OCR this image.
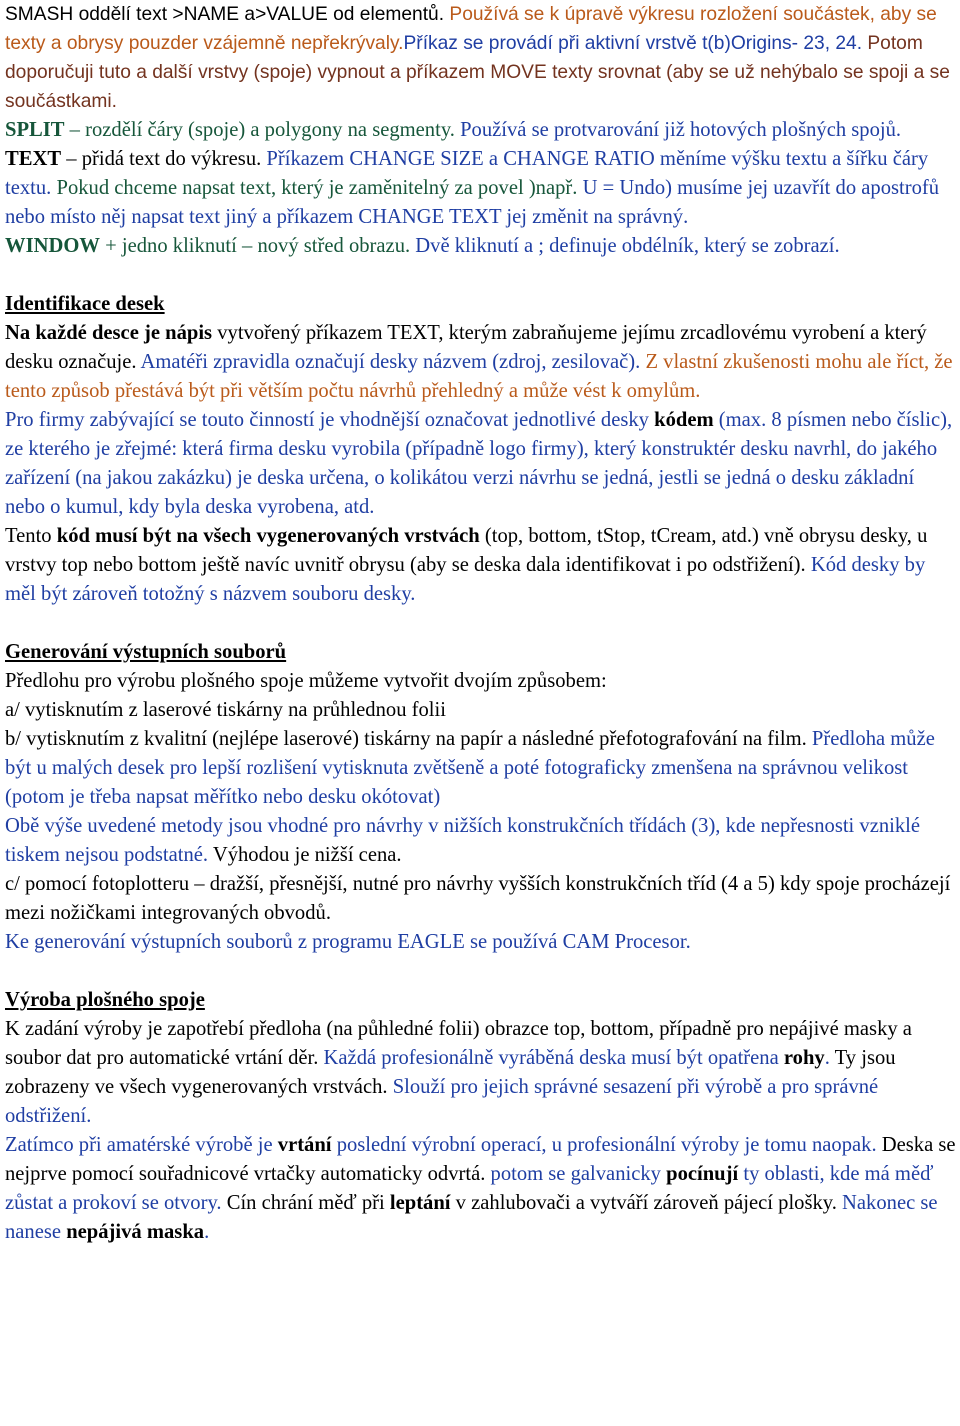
SMASH oddělí text >NAME a>VALUE od elementů. Používá se k úpravě výkresu rozložení součástek, aby se texty a obrysy pouzder vzájemně nepřekrývaly.Příkaz se provádí při aktivní vrstvě t(b)Origins- 23, 24. Potom doporučuji tuto a další vrstvy (spoje) vypnout a příkazem MOVE texty srovnat (aby se už nehýbalo se spoji a se součástkami.

SPLIT – rozdělí čáry (spoje) a polygony na segmenty. Používá se protvarování již hotových plošných spojů.

TEXT – přidá text do výkresu. Příkazem CHANGE SIZE a CHANGE RATIO měníme výšku textu a šířku čáry textu. Pokud chceme napsat text, který je zaměnitelný za povel )např. U = Undo) musíme jej uzavřít do apostrofů nebo místo něj napsat text jiný a příkazem CHANGE TEXT jej změnit na správný.

WINDOW + jedno kliknutí – nový střed obrazu. Dvě kliknutí a ; definuje obdélník, který se zobrazí.

Identifikace desek

Na každé desce je nápis vytvořený příkazem TEXT, kterým zabraňujeme jejímu zrcadlovému vyrobení a který desku označuje. Amatéři zpravidla označují desky názvem (zdroj, zesilovač). Z vlastní zkušenosti mohu ale říct, že tento způsob přestává být při větším počtu návrhů přehledný a může vést k omylům.

Pro firmy zabývající se touto činností je vhodnější označovat jednotlivé desky kódem (max. 8 písmen nebo číslic), ze kterého je zřejmé: která firma desku vyrobila (případně logo firmy), který konstruktér desku navrhl, do jakého zařízení (na jakou zakázku) je deska určena, o kolikátou verzi návrhu se jedná, jestli se jedná o desku základní nebo o kumul, kdy byla deska vyrobena, atd.

Tento kód musí být na všech vygenerovaných vrstvách (top, bottom, tStop, tCream, atd.) vně obrysu desky, u vrstvy top nebo bottom ještě navíc uvnitř obrysu (aby se deska dala identifikovat i po odstřižení). Kód desky by měl být zároveň totožný s názvem souboru desky.

Generování výstupních souborů

Předlohu pro výrobu plošného spoje můžeme vytvořit dvojím způsobem:

a/ vytisknutím z laserové tiskárny na průhlednou folii

b/ vytisknutím z kvalitní (nejlépe laserové) tiskárny na papír a následné přefotografování na film. Předloha může být u malých desek pro lepší rozlišení vytisknuta zvětšeně a poté fotograficky zmenšena na správnou velikost (potom je třeba napsat měřítko nebo desku okótovat)

Obě výše uvedené metody jsou vhodné pro návrhy v nižších konstrukčních třídách (3), kde nepřesnosti vzniklé tiskem nejsou podstatné. Výhodou je nižší cena.

c/ pomocí fotoplotteru – dražší, přesnější, nutné pro návrhy vyšších konstrukčních tříd (4 a 5) kdy spoje procházejí mezi nožičkami integrovaných obvodů.

Ke generování výstupních souborů z programu EAGLE se používá CAM Procesor.

Výroba plošného spoje

K zadání výroby je zapotřebí předloha (na půhledné folii) obrazce top, bottom, případně pro nepájivé masky a soubor dat pro automatické vrtání děr. Každá profesionálně vyráběná deska musí být opatřena rohy. Ty jsou zobrazeny ve všech vygenerovaných vrstvách. Slouží pro jejich správné sesazení při výrobě a pro správné odstřižení.

Zatímco při amatérské výrobě je vrtání poslední výrobní operací, u profesionální výroby je tomu naopak. Deska se nejprve pomocí souřadnicové vrtačky automaticky odvrtá. potom se galvanicky pocínují ty oblasti, kde má měď zůstat a prokoví se otvory. Cín chrání měď při leptání v zahlubovači a vytváří zároveň pájecí plošky. Nakonec se nanese nepájivá maska.
